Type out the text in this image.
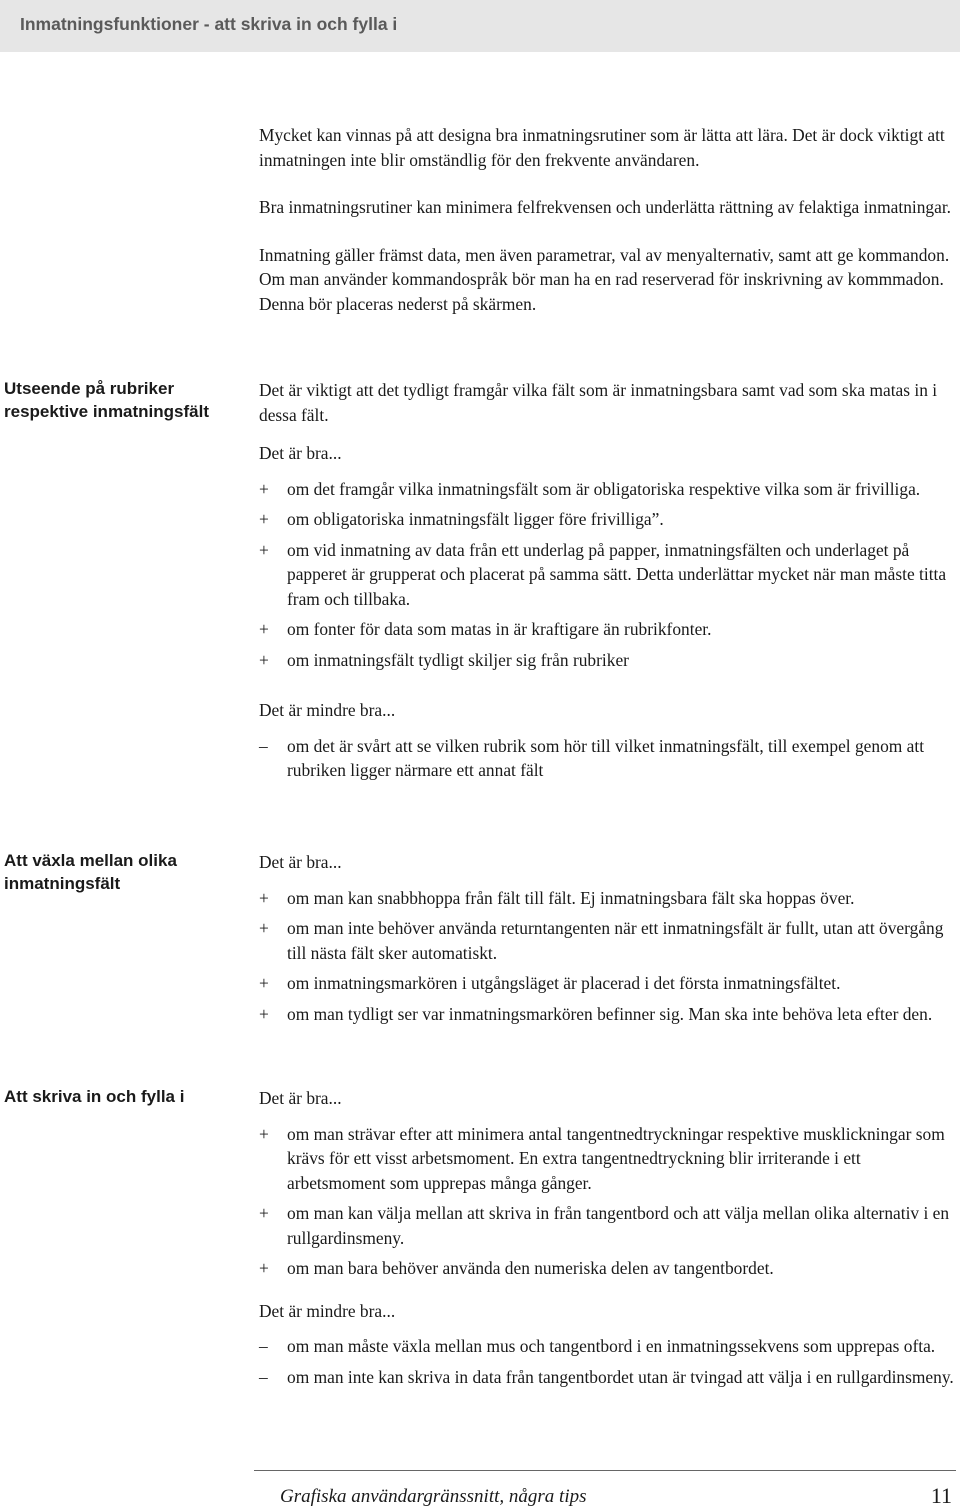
Inmatningsfunktioner - att skriva in och fylla i

Mycket kan vinnas på att designa bra inmatningsrutiner som är lätta att lära. Det är dock viktigt att inmatningen inte blir omständlig för den frekvente användaren.

Bra inmatningsrutiner kan minimera felfrekvensen och underlätta rättning av felaktiga inmatningar.

Inmatning gäller främst data, men även parametrar, val av menyalternativ, samt att ge kommandon. Om man använder kommandospråk bör man ha en rad reserverad för inskrivning av kommmadon. Denna bör placeras nederst på skärmen.

Utseende på rubriker respektive inmatningsfält

Det är viktigt att det tydligt framgår vilka fält som är inmatningsbara samt vad som ska matas in i dessa fält.

Det är bra...

+
om det framgår vilka inmatningsfält som är obligatoriska respektive vilka som är frivilliga.
+
om obligatoriska inmatningsfält ligger före frivilliga”.
+
om vid inmatning av data från ett underlag på papper, inmatningsfälten och underlaget på papperet är grupperat och placerat på samma sätt. Detta underlättar mycket när man måste titta fram och tillbaka.
+
om fonter för data som matas in är kraftigare än rubrikfonter.
+
om inmatningsfält tydligt skiljer sig från rubriker

Det är mindre bra...

–
om det är svårt att se vilken rubrik som hör till vilket inmatningsfält, till exempel genom att rubriken ligger närmare ett annat fält
Att växla mellan olika inmatningsfält

Det är bra...

+
om man kan snabbhoppa från fält till fält. Ej inmatningsbara fält ska hoppas över.
+
om man inte behöver använda returntangenten när ett inmatningsfält är fullt, utan att övergång till nästa fält sker automatiskt.
+
om inmatningsmarkören i utgångsläget är placerad i det första inmatningsfältet.
+
om man tydligt ser var inmatningsmarkören befinner sig. Man ska inte behöva leta efter den.
Att skriva in och fylla i	Det är bra...

+
om man strävar efter att minimera antal tangentnedtryckningar respektive musklickningar som krävs för ett visst arbetsmoment. En extra tangentnedtryckning blir irriterande i ett arbetsmoment som upprepas många gånger.
+
om man kan välja mellan att skriva in från tangentbord och att välja mellan olika alternativ i en rullgardinsmeny.
+
om man bara behöver använda den numeriska delen av tangentbordet.

Det är mindre bra...

–
om man måste växla mellan mus och tangentbord i en inmatningssekvens som upprepas ofta.
–
om man inte kan skriva in data från tangentbordet utan är tvingad att välja i en rullgardinsmeny.
Grafiska användargränssnitt, några tips	11
